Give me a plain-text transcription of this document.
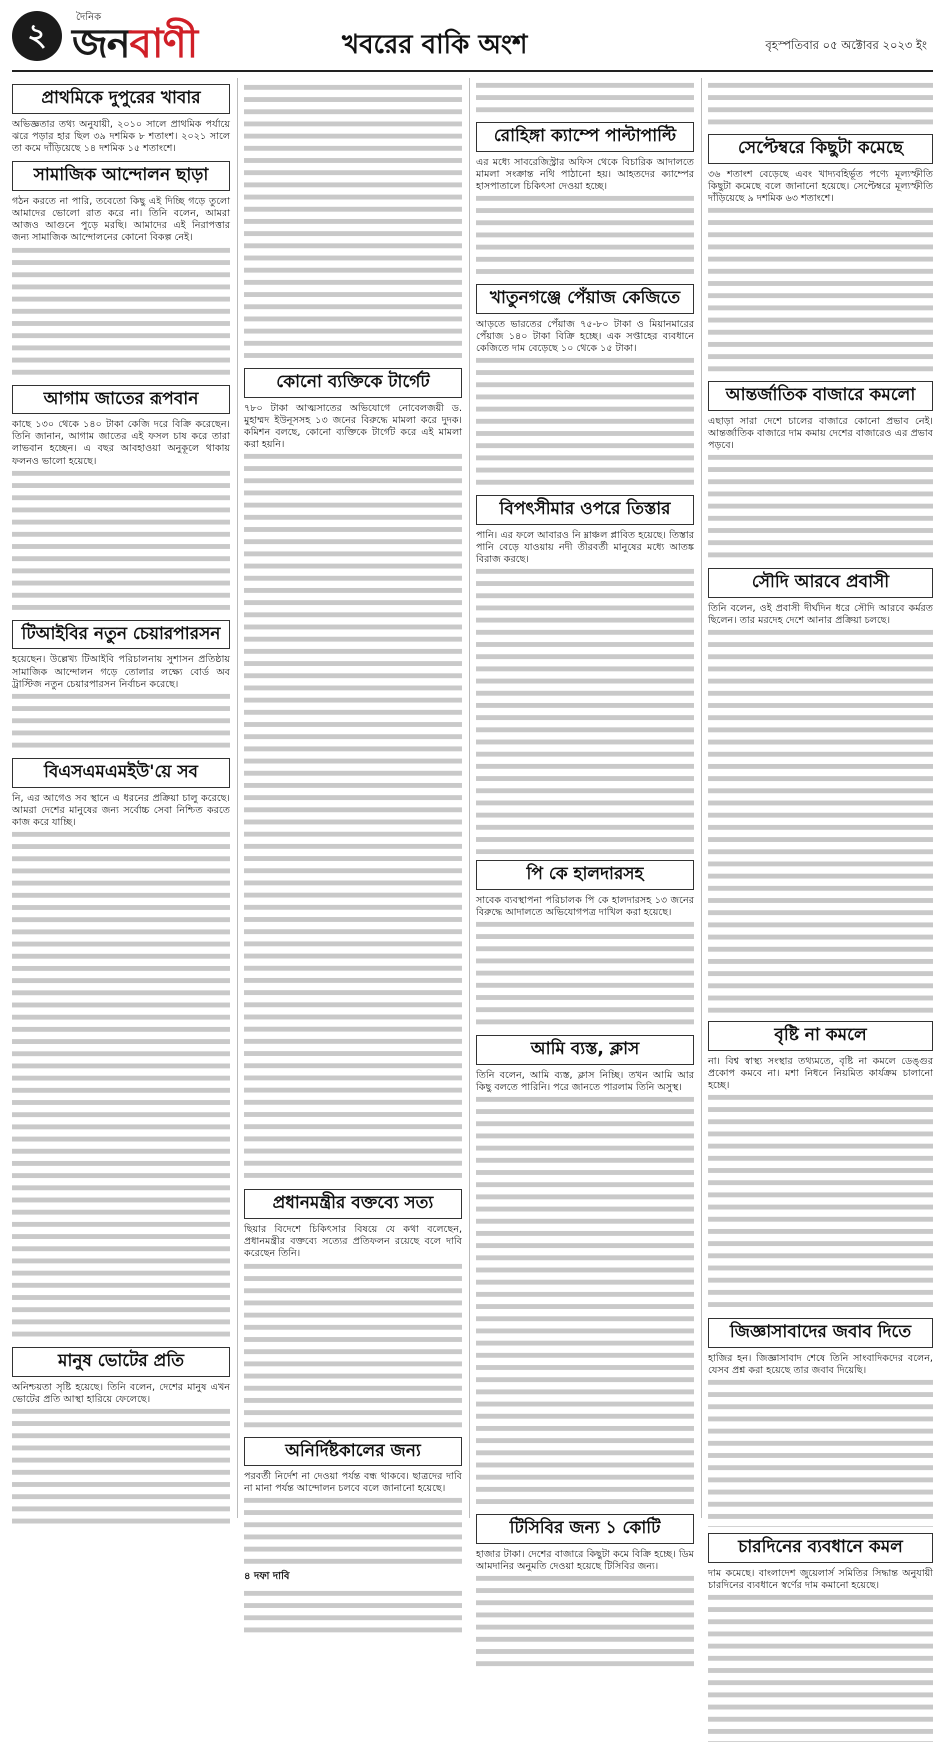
২	দৈনিক
জনবাণী	খবরের বাকি অংশ	বৃহস্পতিবার ০৫ অক্টোবর ২০২৩ ইং
প্রাথমিকে দুপুরের খাবার
অভিজ্ঞতার তথ্য অনুযায়ী, ২০১০ সালে প্রাথমিক পর্যায়ে ঝরে পড়ার হার ছিল ৩৯ দশমিক ৮ শতাংশ। ২০২১ সালে তা কমে দাঁড়িয়েছে ১৪ দশমিক ১৫ শতাংশে।
সামাজিক আন্দোলন ছাড়া
গঠন করতে না পারি, তবেতো কিছু এই দিচ্ছি গড়ে তুলো আমাদের ভোলো রাত করে না। তিনি বলেন, আমরা আজও আগুনে পুড়ে মরছি। আমাদের এই নিরাপত্তার জন্য সামাজিক আন্দোলনের কোনো বিকল্প নেই।
আগাম জাতের রূপবান
কাছে ১৩০ থেকে ১৪০ টাকা কেজি দরে বিক্রি করেছেন। তিনি জানান, আগাম জাতের এই ফসল চাষ করে তারা লাভবান হচ্ছেন। এ বছর আবহাওয়া অনুকূলে থাকায় ফলনও ভালো হয়েছে।
টিআইবির নতুন চেয়ারপারসন
হয়েছেন। উল্লেখ্য টিআইবি পরিচালনায় সুশাসন প্রতিষ্ঠায় সামাজিক আন্দোলন গড়ে তোলার লক্ষ্যে বোর্ড অব ট্রাস্টিজ নতুন চেয়ারপারসন নির্বাচন করেছে।
বিএসএমএমইউ'য়ে সব
নি, এর আগেও সব স্থানে এ ধরনের প্রক্রিয়া চালু করেছে। আমরা দেশের মানুষের জন্য সর্বোচ্চ সেবা নিশ্চিত করতে কাজ করে যাচ্ছি।
মানুষ ভোটের প্রতি
অনিশ্চয়তা সৃষ্টি হয়েছে। তিনি বলেন, দেশের মানুষ এখন ভোটের প্রতি আস্থা হারিয়ে ফেলেছে।
কোনো ব্যক্তিকে টার্গেট
৭৮০ টাকা আত্মসাতের অভিযোগে নোবেলজয়ী ড. মুহাম্মদ ইউনূসসহ ১৩ জনের বিরুদ্ধে মামলা করে দুদক। কমিশন বলছে, কোনো ব্যক্তিকে টার্গেট করে এই মামলা করা হয়নি।
প্রধানমন্ত্রীর বক্তব্যে সত্য
ছিয়ার বিদেশে চিকিৎসার বিষয়ে যে কথা বলেছেন, প্রধানমন্ত্রীর বক্তব্যে সত্যের প্রতিফলন রয়েছে বলে দাবি করেছেন তিনি।
অনির্দিষ্টকালের জন্য
পরবর্তী নির্দেশ না দেওয়া পর্যন্ত বন্ধ থাকবে। ছাত্রদের দাবি না মানা পর্যন্ত আন্দোলন চলবে বলে জানানো হয়েছে।
৪ দফা দাবি
রোহিঙ্গা ক্যাম্পে পাল্টাপাল্টি
এর মধ্যে সাবরেজিস্ট্রার অফিস থেকে বিচারিক আদালতে মামলা সংক্রান্ত নথি পাঠানো হয়। আহতদের ক্যাম্পের হাসপাতালে চিকিৎসা দেওয়া হচ্ছে।
খাতুনগঞ্জে পেঁয়াজ কেজিতে
আড়তে ভারতের পেঁয়াজ ৭৫-৮০ টাকা ও মিয়ানমারের পেঁয়াজ ১৪০ টাকা বিক্রি হচ্ছে। এক সপ্তাহের ব্যবধানে কেজিতে দাম বেড়েছে ১০ থেকে ১৫ টাকা।
বিপৎসীমার ওপরে তিস্তার
পানি। এর ফলে আবারও নি ম্নাঞ্চল প্লাবিত হয়েছে। তিস্তার পানি বেড়ে যাওয়ায় নদী তীরবর্তী মানুষের মধ্যে আতঙ্ক বিরাজ করছে।
পি কে হালদারসহ
সাবেক ব্যবস্থাপনা পরিচালক পি কে হালদারসহ ১৩ জনের বিরুদ্ধে আদালতে অভিযোগপত্র দাখিল করা হয়েছে।
আমি ব্যস্ত, ক্লাস
তিনি বলেন, আমি ব্যস্ত, ক্লাস নিচ্ছি। তখন আমি আর কিছু বলতে পারিনি। পরে জানতে পারলাম তিনি অসুস্থ।
টিসিবির জন্য ১ কোটি
হাজার টাকা। দেশের বাজারে কিছুটা কমে বিক্রি হচ্ছে। ডিম আমদানির অনুমতি দেওয়া হয়েছে টিসিবির জন্য।
সেপ্টেম্বরে কিছুটা কমেছে
৩৬ শতাংশ বেড়েছে এবং খাদ্যবহির্ভূত পণ্যে মূল্যস্ফীতি কিছুটা কমেছে বলে জানানো হয়েছে। সেপ্টেম্বরে মূল্যস্ফীতি দাঁড়িয়েছে ৯ দশমিক ৬৩ শতাংশে।
আন্তর্জাতিক বাজারে কমলো
এছাড়া সারা দেশে চালের বাজারে কোনো প্রভাব নেই। আন্তর্জাতিক বাজারে দাম কমায় দেশের বাজারেও এর প্রভাব পড়বে।
সৌদি আরবে প্রবাসী
তিনি বলেন, ওই প্রবাসী দীর্ঘদিন ধরে সৌদি আরবে কর্মরত ছিলেন। তার মরদেহ দেশে আনার প্রক্রিয়া চলছে।
বৃষ্টি না কমলে
না। বিশ্ব স্বাস্থ্য সংস্থার তথ্যমতে, বৃষ্টি না কমলে ডেঙ্গুর প্রকোপ কমবে না। মশা নিধনে নিয়মিত কার্যক্রম চালানো হচ্ছে।
জিজ্ঞাসাবাদের জবাব দিতে
হাজির হন। জিজ্ঞাসাবাদ শেষে তিনি সাংবাদিকদের বলেন, যেসব প্রশ্ন করা হয়েছে তার জবাব দিয়েছি।
চারদিনের ব্যবধানে কমল
দাম কমেছে। বাংলাদেশ জুয়েলার্স সমিতির সিদ্ধান্ত অনুযায়ী চারদিনের ব্যবধানে স্বর্ণের দাম কমানো হয়েছে।
